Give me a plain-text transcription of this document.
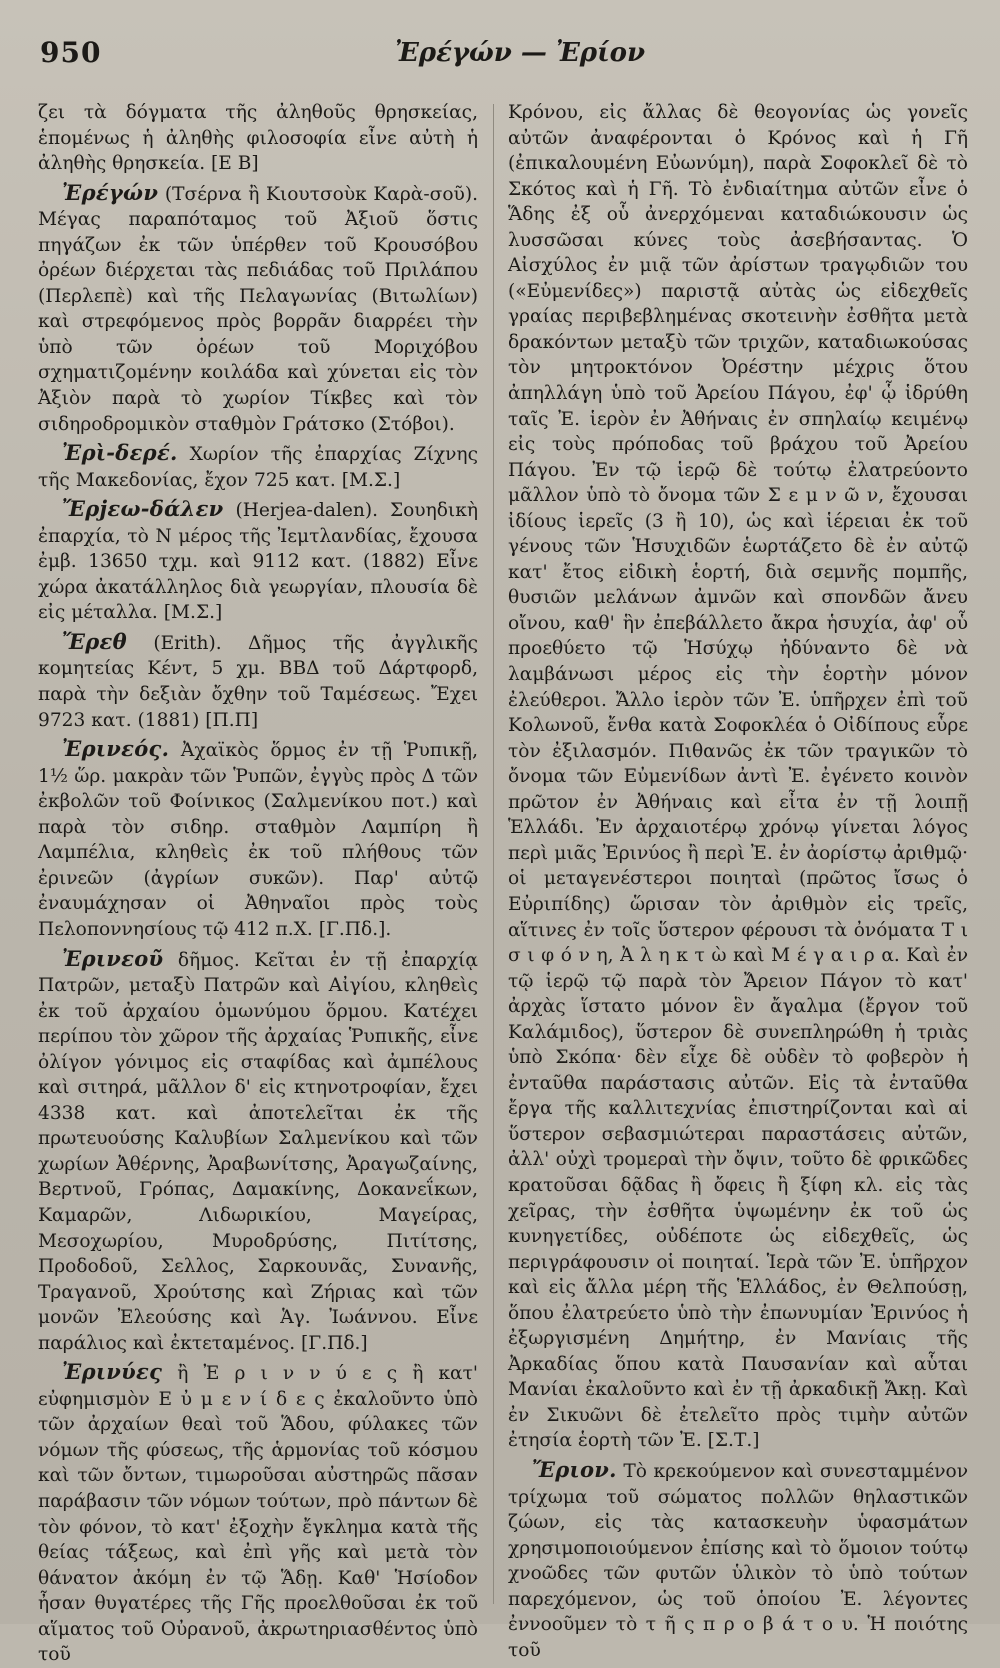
950	Ἐρέγών — Ἐρίον

ζει τὰ δόγματα τῆς ἀληθοῦς θρησκείας, ἑπομένως ἡ ἀληθὴς φιλοσοφία εἶνε αὐτὴ ἡ ἀληθὴς θρησκεία. [Ε Β]

Ἐρέγών (Τσέρνα ἢ Κιουτσοὺκ Καρὰ-σοῦ). Μέγας παραπόταμος τοῦ Ἀξιοῦ ὅστις πηγάζων ἐκ τῶν ὑπέρθεν τοῦ Κρουσόβου ὀρέων διέρχεται τὰς πεδιάδας τοῦ Πριλάπου (Περλεπὲ) καὶ τῆς Πελαγωνίας (Βιτωλίων) καὶ στρεφόμενος πρὸς βορρᾶν διαρρέει τὴν ὑπὸ τῶν ὀρέων τοῦ Μοριχόβου σχηματιζομένην κοιλάδα καὶ χύνεται εἰς τὸν Ἀξιὸν παρὰ τὸ χωρίον Τίκβες καὶ τὸν σιδηροδρομικὸν σταθμὸν Γράτσκο (Στόβοι).

Ἐρὶ-δερέ. Χωρίον τῆς ἐπαρχίας Ζίχνης τῆς Μακεδονίας, ἔχον 725 κατ. [Μ.Σ.]

Ἔρjεω-δάλεν (Herjea-dalen). Σουηδικὴ ἐπαρχία, τὸ Ν μέρος τῆς Ἰεμτλανδίας, ἔχουσα ἐμβ. 13650 τχμ. καὶ 9112 κατ. (1882) Εἶνε χώρα ἀκατάλληλος διὰ γεωργίαν, πλουσία δὲ εἰς μέταλλα. [Μ.Σ.]

Ἔρεθ (Erith). Δῆμος τῆς ἀγγλικῆς κομητείας Κέντ, 5 χμ. ΒΒΔ τοῦ Δάρτφορδ, παρὰ τὴν δεξιὰν ὄχθην τοῦ Ταμέσεως. Ἔχει 9723 κατ. (1881) [Π.Π]

Ἐρινεός. Ἀχαϊκὸς ὅρμος ἐν τῇ Ῥυπικῇ, 1½ ὥρ. μακρὰν τῶν Ῥυπῶν, ἐγγὺς πρὸς Δ τῶν ἐκβολῶν τοῦ Φοίνικος (Σαλμενίκου ποτ.) καὶ παρὰ τὸν σιδηρ. σταθμὸν Λαμπίρη ἢ Λαμπέλια, κληθεὶς ἐκ τοῦ πλήθους τῶν ἐρινεῶν (ἀγρίων συκῶν). Παρ' αὐτῷ ἐναυμάχησαν οἱ Ἀθηναῖοι πρὸς τοὺς Πελοποννησίους τῷ 412 π.Χ. [Γ.Πδ.].

Ἐρινεοῦ δῆμος. Κεῖται ἐν τῇ ἐπαρχίᾳ Πατρῶν, μεταξὺ Πατρῶν καὶ Αἰγίου, κληθεὶς ἐκ τοῦ ἀρχαίου ὁμωνύμου ὅρμου. Κατέχει περίπου τὸν χῶρον τῆς ἀρχαίας Ῥυπικῆς, εἶνε ὀλίγον γόνιμος εἰς σταφίδας καὶ ἀμπέλους καὶ σιτηρά, μᾶλλον δ' εἰς κτηνοτροφίαν, ἔχει 4338 κατ. καὶ ἀποτελεῖται ἐκ τῆς πρωτευούσης Καλυβίων Σαλμενίκου καὶ τῶν χωρίων Ἀθέρνης, Ἀραβωνίτσης, Ἀραγωζαίνης, Βερτνοῦ, Γρόπας, Δαμακίνης, Δοκανεΐκων, Καμαρῶν, Λιδωρικίου, Μαγείρας, Μεσοχωρίου, Μυροδρύσης, Πιτίτσης, Προδοδοῦ, Σελλος, Σαρκουνᾶς, Συνανῆς, Τραγανοῦ, Χρούτσης καὶ Ζήριας καὶ τῶν μονῶν Ἐλεούσης καὶ Ἁγ. Ἰωάννου. Εἶνε παράλιος καὶ ἐκτεταμένος. [Γ.Πδ.]

Ἐρινύες ἢ Ἐ ρ ι ν ν ύ ε ς ἢ κατ' εὐφημισμὸν Ε ὐ μ ε ν ί δ ε ς ἐκαλοῦντο ὑπὸ τῶν ἀρχαίων θεαὶ τοῦ Ἅδου, φύλακες τῶν νόμων τῆς φύσεως, τῆς ἁρμονίας τοῦ κόσμου καὶ τῶν ὄντων, τιμωροῦσαι αὐστηρῶς πᾶσαν παράβασιν τῶν νόμων τούτων, πρὸ πάντων δὲ τὸν φόνον, τὸ κατ' ἐξοχὴν ἔγκλημα κατὰ τῆς θείας τάξεως, καὶ ἐπὶ γῆς καὶ μετὰ τὸν θάνατον ἀκόμη ἐν τῷ Ἅδῃ. Καθ' Ἡσίοδον ἦσαν θυγατέρες τῆς Γῆς προελθοῦσαι ἐκ τοῦ αἵματος τοῦ Οὐρανοῦ, ἀκρωτηριασθέντος ὑπὸ τοῦ

Κρόνου, εἰς ἄλλας δὲ θεογονίας ὡς γονεῖς αὐτῶν ἀναφέρονται ὁ Κρόνος καὶ ἡ Γῆ (ἐπικαλουμένη Εὐωνύμη), παρὰ Σοφοκλεῖ δὲ τὸ Σκότος καὶ ἡ Γῆ. Τὸ ἐνδιαίτημα αὐτῶν εἶνε ὁ Ἅδης ἐξ οὗ ἀνερχόμεναι καταδιώκουσιν ὡς λυσσῶσαι κύνες τοὺς ἀσεβήσαντας. Ὁ Αἰσχύλος ἐν μιᾷ τῶν ἀρίστων τραγῳδιῶν του («Εὐμενίδες») παριστᾷ αὐτὰς ὡς εἰδεχθεῖς γραίας περιβεβλημένας σκοτεινὴν ἐσθῆτα μετὰ δρακόντων μεταξὺ τῶν τριχῶν, καταδιωκούσας τὸν μητροκτόνον Ὀρέστην μέχρις ὅτου ἀπηλλάγη ὑπὸ τοῦ Ἀρείου Πάγου, ἐφ' ᾧ ἱδρύθη ταῖς Ἐ. ἱερὸν ἐν Ἀθήναις ἐν σπηλαίῳ κειμένῳ εἰς τοὺς πρόποδας τοῦ βράχου τοῦ Ἀρείου Πάγου. Ἐν τῷ ἱερῷ δὲ τούτῳ ἐλατρεύοντο μᾶλλον ὑπὸ τὸ ὄνομα τῶν Σ ε μ ν ῶ ν, ἔχουσαι ἰδίους ἱερεῖς (3 ἢ 10), ὡς καὶ ἱέρειαι ἐκ τοῦ γένους τῶν Ἡσυχιδῶν ἑωρτάζετο δὲ ἐν αὐτῷ κατ' ἔτος εἰδικὴ ἑορτή, διὰ σεμνῆς πομπῆς, θυσιῶν μελάνων ἀμνῶν καὶ σπονδῶν ἄνευ οἴνου, καθ' ἣν ἐπεβάλλετο ἄκρα ἡσυχία, ἀφ' οὗ προεθύετο τῷ Ἡσύχῳ ἠδύναντο δὲ νὰ λαμβάνωσι μέρος εἰς τὴν ἑορτὴν μόνον ἐλεύθεροι. Ἄλλο ἱερὸν τῶν Ἐ. ὑπῆρχεν ἐπὶ τοῦ Κολωνοῦ, ἔνθα κατὰ Σοφοκλέα ὁ Οἰδίπους εὗρε τὸν ἐξιλασμόν. Πιθανῶς ἐκ τῶν τραγικῶν τὸ ὄνομα τῶν Εὐμενίδων ἀντὶ Ἐ. ἐγένετο κοινὸν πρῶτον ἐν Ἀθήναις καὶ εἶτα ἐν τῇ λοιπῇ Ἑλλάδι. Ἐν ἀρχαιοτέρῳ χρόνῳ γίνεται λόγος περὶ μιᾶς Ἐρινύος ἢ περὶ Ἐ. ἐν ἀορίστῳ ἀριθμῷ· οἱ μεταγενέστεροι ποιηταὶ (πρῶτος ἴσως ὁ Εὐριπίδης) ὥρισαν τὸν ἀριθμὸν εἰς τρεῖς, αἵτινες ἐν τοῖς ὕστερον φέρουσι τὰ ὀνόματα Τ ι σ ι φ ό ν η, Ἀ λ η κ τ ὼ καὶ Μ έ γ α ι ρ α. Καὶ ἐν τῷ ἱερῷ τῷ παρὰ τὸν Ἄρειον Πάγον τὸ κατ' ἀρχὰς ἵστατο μόνον ἓν ἄγαλμα (ἔργον τοῦ Καλάμιδος), ὕστερον δὲ συνεπληρώθη ἡ τριὰς ὑπὸ Σκόπα· δὲν εἶχε δὲ οὐδὲν τὸ φοβερὸν ἡ ἐνταῦθα παράστασις αὐτῶν. Εἰς τὰ ἐνταῦθα ἔργα τῆς καλλιτεχνίας ἐπιστηρίζονται καὶ αἱ ὕστερον σεβασμιώτεραι παραστάσεις αὐτῶν, ἀλλ' οὐχὶ τρομεραὶ τὴν ὄψιν, τοῦτο δὲ φρικῶδες κρατοῦσαι δᾷδας ἢ ὄφεις ἢ ξίφη κλ. εἰς τὰς χεῖρας, τὴν ἐσθῆτα ὑψωμένην ἐκ τοῦ ὡς κυνηγετίδες, οὐδέποτε ὡς εἰδεχθεῖς, ὡς περιγράφουσιν οἱ ποιηταί. Ἱερὰ τῶν Ἐ. ὑπῆρχον καὶ εἰς ἄλλα μέρη τῆς Ἑλλάδος, ἐν Θελπούσῃ, ὅπου ἐλατρεύετο ὑπὸ τὴν ἐπωνυμίαν Ἐρινύος ἡ ἐξωργισμένη Δημήτηρ, ἐν Μανίαις τῆς Ἀρκαδίας ὅπου κατὰ Παυσανίαν καὶ αὗται Μανίαι ἐκαλοῦντο καὶ ἐν τῇ ἀρκαδικῇ Ἄκῃ. Καὶ ἐν Σικυῶνι δὲ ἐτελεῖτο πρὸς τιμὴν αὐτῶν ἐτησία ἑορτὴ τῶν Ἐ. [Σ.Τ.]

Ἔριον. Τὸ κρεκούμενον καὶ συνεσταμμένον τρίχωμα τοῦ σώματος πολλῶν θηλαστικῶν ζώων, εἰς τὰς κατασκευὴν ὑφασμάτων χρησιμοποιούμενον ἐπίσης καὶ τὸ ὅμοιον τούτῳ χνοῶδες τῶν φυτῶν ὑλικὸν τὸ ὑπὸ τούτων παρεχόμενον, ὡς τοῦ ὁποίου Ἐ. λέγοντες ἐννοοῦμεν τὸ τ ῆ ς π ρ ο β ά τ ο υ. Ἡ ποιότης τοῦ
